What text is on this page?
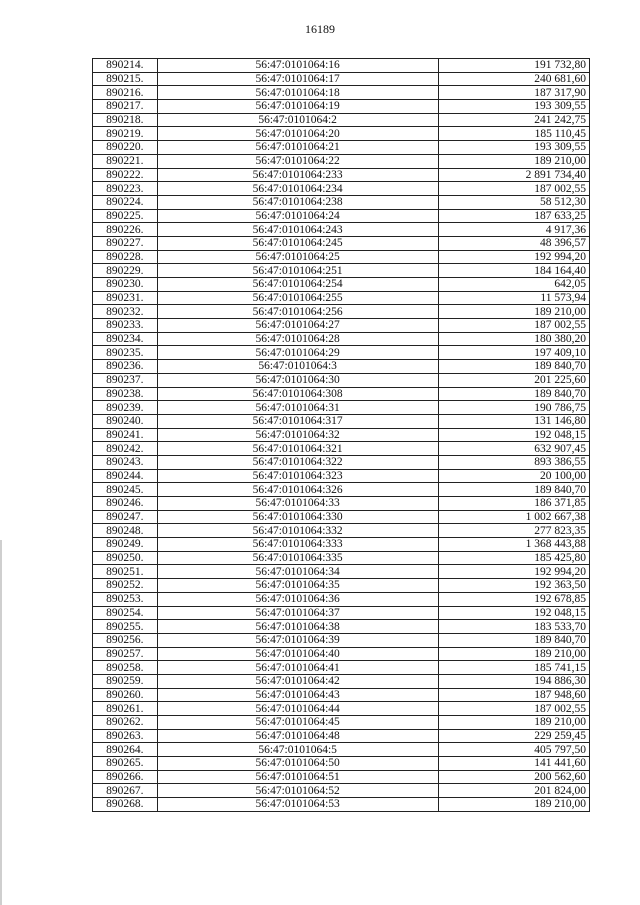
16189
890214.	56:47:0101064:16	191 732,80
890215.	56:47:0101064:17	240 681,60
890216.	56:47:0101064:18	187 317,90
890217.	56:47:0101064:19	193 309,55
890218.	56:47:0101064:2	241 242,75
890219.	56:47:0101064:20	185 110,45
890220.	56:47:0101064:21	193 309,55
890221.	56:47:0101064:22	189 210,00
890222.	56:47:0101064:233	2 891 734,40
890223.	56:47:0101064:234	187 002,55
890224.	56:47:0101064:238	58 512,30
890225.	56:47:0101064:24	187 633,25
890226.	56:47:0101064:243	4 917,36
890227.	56:47:0101064:245	48 396,57
890228.	56:47:0101064:25	192 994,20
890229.	56:47:0101064:251	184 164,40
890230.	56:47:0101064:254	642,05
890231.	56:47:0101064:255	11 573,94
890232.	56:47:0101064:256	189 210,00
890233.	56:47:0101064:27	187 002,55
890234.	56:47:0101064:28	180 380,20
890235.	56:47:0101064:29	197 409,10
890236.	56:47:0101064:3	189 840,70
890237.	56:47:0101064:30	201 225,60
890238.	56:47:0101064:308	189 840,70
890239.	56:47:0101064:31	190 786,75
890240.	56:47:0101064:317	131 146,80
890241.	56:47:0101064:32	192 048,15
890242.	56:47:0101064:321	632 907,45
890243.	56:47:0101064:322	893 386,55
890244.	56:47:0101064:323	20 100,00
890245.	56:47:0101064:326	189 840,70
890246.	56:47:0101064:33	186 371,85
890247.	56:47:0101064:330	1 002 667,38
890248.	56:47:0101064:332	277 823,35
890249.	56:47:0101064:333	1 368 443,88
890250.	56:47:0101064:335	185 425,80
890251.	56:47:0101064:34	192 994,20
890252.	56:47:0101064:35	192 363,50
890253.	56:47:0101064:36	192 678,85
890254.	56:47:0101064:37	192 048,15
890255.	56:47:0101064:38	183 533,70
890256.	56:47:0101064:39	189 840,70
890257.	56:47:0101064:40	189 210,00
890258.	56:47:0101064:41	185 741,15
890259.	56:47:0101064:42	194 886,30
890260.	56:47:0101064:43	187 948,60
890261.	56:47:0101064:44	187 002,55
890262.	56:47:0101064:45	189 210,00
890263.	56:47:0101064:48	229 259,45
890264.	56:47:0101064:5	405 797,50
890265.	56:47:0101064:50	141 441,60
890266.	56:47:0101064:51	200 562,60
890267.	56:47:0101064:52	201 824,00
890268.	56:47:0101064:53	189 210,00
